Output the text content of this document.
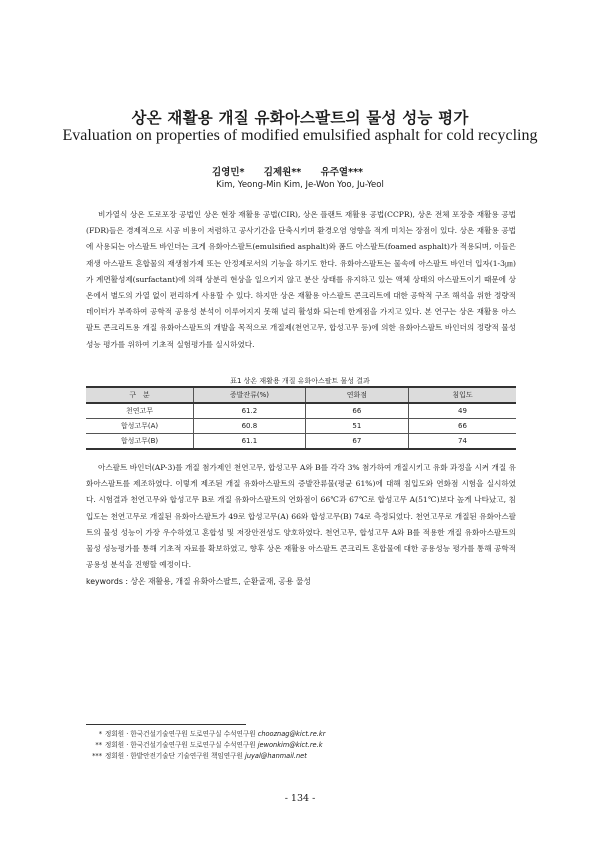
상온 재활용 개질 유화아스팔트의 물성 성능 평가
Evaluation on properties of modified emulsified asphalt for cold recycling
김영민* 김제원** 유주열***
Kim, Yeong-Min Kim, Je-Won Yoo, Ju-Yeol

비가열식 상온 도로포장 공법인 상온 현장 재활용 공법(CIR), 상온 플랜트 재활용 공법(CCPR), 상온 전체 포장층 재활용 공법(FDR)들은 경제적으로 시공 비용이 저렴하고 공사기간을 단축시키며 환경오염 영향을 적게 미치는 장점이 있다. 상온 재활용 공법에 사용되는 아스팔트 바인더는 크게 유화아스팔트(emulsified asphalt)와 폼드 아스팔트(foamed asphalt)가 적용되며, 이들은 재생 아스팔트 혼합물의 재생첨가제 또는 안정제로서의 기능을 하기도 한다. 유화아스팔트는 물속에 아스팔트 바인더 입자(1-3㎛)가 계면활성제(surfactant)에 의해 상분리 현상을 일으키지 않고 분산 상태를 유지하고 있는 액체 상태의 아스팔트이기 때문에 상온에서 별도의 가열 없이 편리하게 사용할 수 있다. 하지만 상온 재활용 아스팔트 콘크리트에 대한 공학적 구조 해석을 위한 정량적 데이터가 부족하여 공학적 공용성 분석이 이루어지지 못해 널리 활성화 되는데 한계점을 가지고 있다. 본 연구는 상온 재활용 아스팔트 콘크리트용 개질 유화아스팔트의 개발을 목적으로 개질제(천연고무, 합성고무 등)에 의한 유화아스팔트 바인더의 정량적 물성 성능 평가를 위하여 기초적 실험평가를 실시하였다.

표1 상온 재활용 개질 유화아스팔트 물성 결과
구   분	증발잔류(%)	연화점	침입도
천연고무	61.2	66	49
합성고무(A)	60.8	51	66
합성고무(B)	61.1	67	74

아스팔트 바인더(AP-3)를 개질 첨가제인 천연고무, 합성고무 A와 B를 각각 3% 첨가하여 개질시키고 유화 과정을 시켜 개질 유화아스팔트를 제조하였다. 이렇게 제조된 개질 유화아스팔트의 증발잔류물(평균 61%)에 대해 침입도와 연화점 시험을 실시하였다. 시험결과 천연고무와 합성고무 B로 개질 유화아스팔트의 연화점이 66℃과 67℃로 합성고무 A(51℃)보다 높게 나타났고, 침입도는 천연고무로 개질된 유화아스팔트가 49로 합성고무(A) 66와 합성고무(B) 74로 측정되었다. 천연고무로 개질된 유화아스팔트의 물성 성능이 가장 우수하였고 혼합성 및 저장안전성도 양호하였다. 천연고무, 합성고무 A와 B를 적용한 개질 유화아스팔트의 물성 성능평가를 통해 기초적 자료를 확보하였고, 향후 상온 재활용 아스팔트 콘크리트 혼합물에 대한 공용성능 평가를 통해 공학적 공용성 분석을 진행할 예정이다.

keywords : 상온 재활용, 개질 유화아스팔트, 순환골재, 공용 물성
* 정회원 · 한국건설기술연구원 도로연구실 수석연구원 chooznag@kict.re.kr
** 정회원 · 한국건설기술연구원 도로연구실 수석연구원 jewonkim@kict.re.k
*** 정회원 · 한밭안전기술단 기술연구원 책임연구원 juyal@hanmail.net
- 134 -
